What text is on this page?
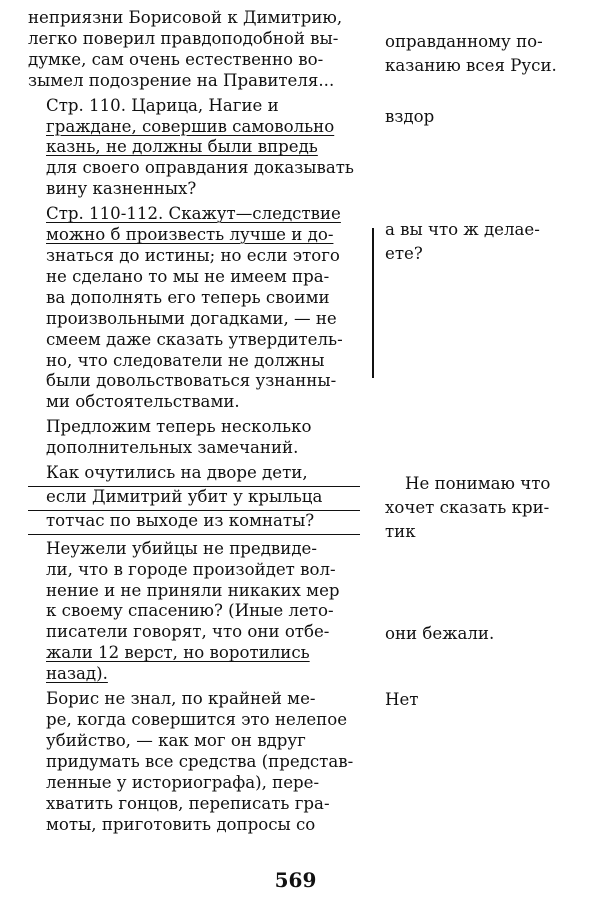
неприязни Борисовой к Димитрию,
легко поверил правдоподобной вы-
думке, сам очень естественно во-
зымел подозрение на Правителя...
Стр. 110. Царица, Нагие и
граждане, совершив самовольно
казнь, не должны были впредь
для своего оправдания доказывать
вину казненных?
Стр. 110-112. Скажут—следствие
можно б произвесть лучше и до-
знаться до истины; но если этого
не сделано то мы не имеем пра-
ва дополнять его теперь своими
произвольными догадками, — не
смеем даже сказать утвердитель-
но, что следователи не должны
были довольствоваться узнанны-
ми обстоятельствами.
Предложим теперь несколько
дополнительных замечаний.
Как очутились на дворе дети,
если Димитрий убит у крыльца
тотчас по выходе из комнаты?
Неужели убийцы не предвиде-
ли, что в городе произойдет вол-
нение и не приняли никаких мер
к своему спасению? (Иные лето-
писатели говорят, что они отбе-
жали 12 верст, но воротились
назад).
Борис не знал, по крайней ме-
ре, когда совершится это нелепое
убийство, — как мог он вдруг
придумать все средства (представ-
ленные у историографа), пере-
хватить гонцов, переписать гра-
моты, приготовить допросы со
оправданному по-
казанию всея Руси.
вздор
а вы что ж делае-
ете?
Не понимаю что
хочет сказать кри-
тик
они бежали.
Нет
569
